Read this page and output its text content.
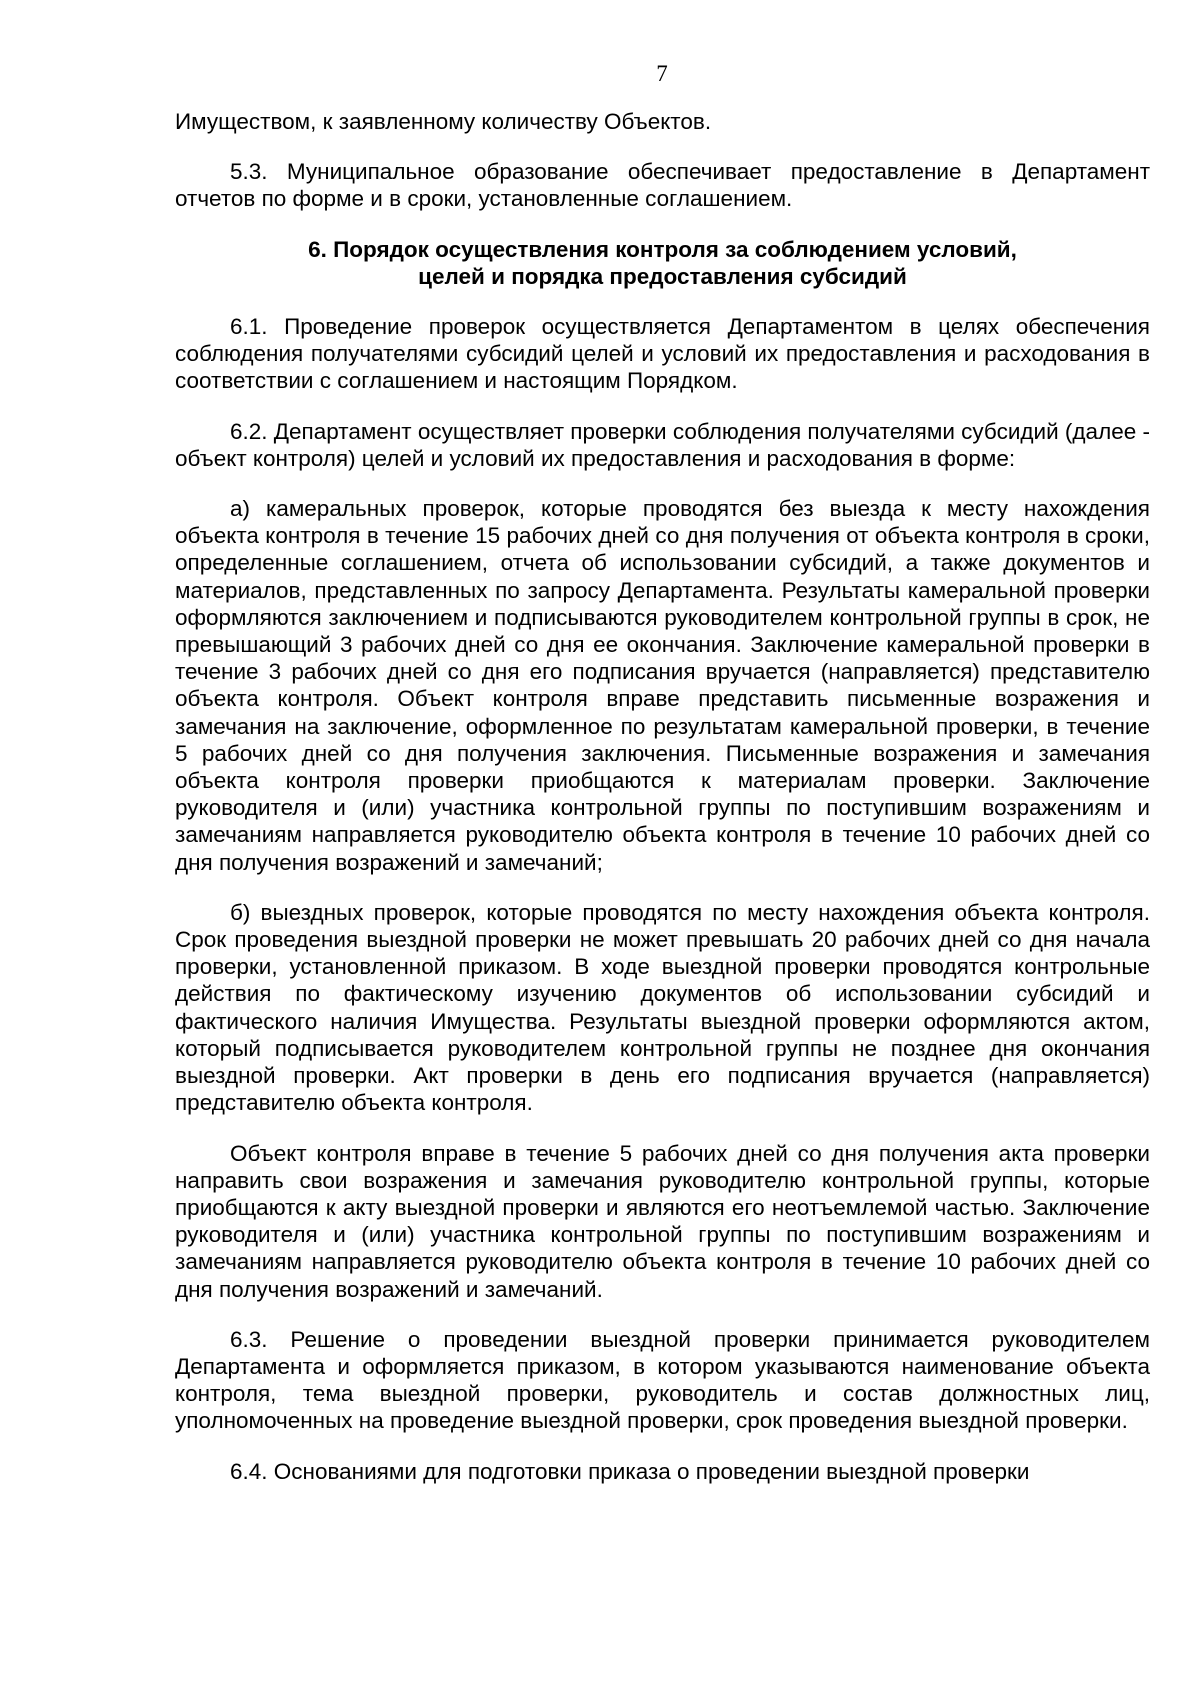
7

Имуществом, к заявленному количеству Объектов.

5.3. Муниципальное образование обеспечивает предоставление в Департамент отчетов по форме и в сроки, установленные соглашением.

6. Порядок осуществления контроля за соблюдением условий,
целей и порядка предоставления субсидий

6.1. Проведение проверок осуществляется Департаментом в целях обеспечения соблюдения получателями субсидий целей и условий их предоставления и расходования в соответствии с соглашением и настоящим Порядком.

6.2. Департамент осуществляет проверки соблюдения получателями субсидий (далее - объект контроля) целей и условий их предоставления и расходования в форме:

а) камеральных проверок, которые проводятся без выезда к месту нахождения объекта контроля в течение 15 рабочих дней со дня получения от объекта контроля в сроки, определенные соглашением, отчета об использовании субсидий, а также документов и материалов, представленных по запросу Департамента. Результаты камеральной проверки оформляются заключением и подписываются руководителем контрольной группы в срок, не превышающий 3 рабочих дней со дня ее окончания. Заключение камеральной проверки в течение 3 рабочих дней со дня его подписания вручается (направляется) представителю объекта контроля. Объект контроля вправе представить письменные возражения и замечания на заключение, оформленное по результатам камеральной проверки, в течение 5 рабочих дней со дня получения заключения. Письменные возражения и замечания объекта контроля проверки приобщаются к материалам проверки. Заключение руководителя и (или) участника контрольной группы по поступившим возражениям и замечаниям направляется руководителю объекта контроля в течение 10 рабочих дней со дня получения возражений и замечаний;

б) выездных проверок, которые проводятся по месту нахождения объекта контроля. Срок проведения выездной проверки не может превышать 20 рабочих дней со дня начала проверки, установленной приказом. В ходе выездной проверки проводятся контрольные действия по фактическому изучению документов об использовании субсидий и фактического наличия Имущества. Результаты выездной проверки оформляются актом, который подписывается руководителем контрольной группы не позднее дня окончания выездной проверки. Акт проверки в день его подписания вручается (направляется) представителю объекта контроля.

Объект контроля вправе в течение 5 рабочих дней со дня получения акта проверки направить свои возражения и замечания руководителю контрольной группы, которые приобщаются к акту выездной проверки и являются его неотъемлемой частью. Заключение руководителя и (или) участника контрольной группы по поступившим возражениям и замечаниям направляется руководителю объекта контроля в течение 10 рабочих дней со дня получения возражений и замечаний.

6.3. Решение о проведении выездной проверки принимается руководителем Департамента и оформляется приказом, в котором указываются наименование объекта контроля, тема выездной проверки, руководитель и состав должностных лиц, уполномоченных на проведение выездной проверки, срок проведения выездной проверки.

6.4. Основаниями для подготовки приказа о проведении выездной проверки
